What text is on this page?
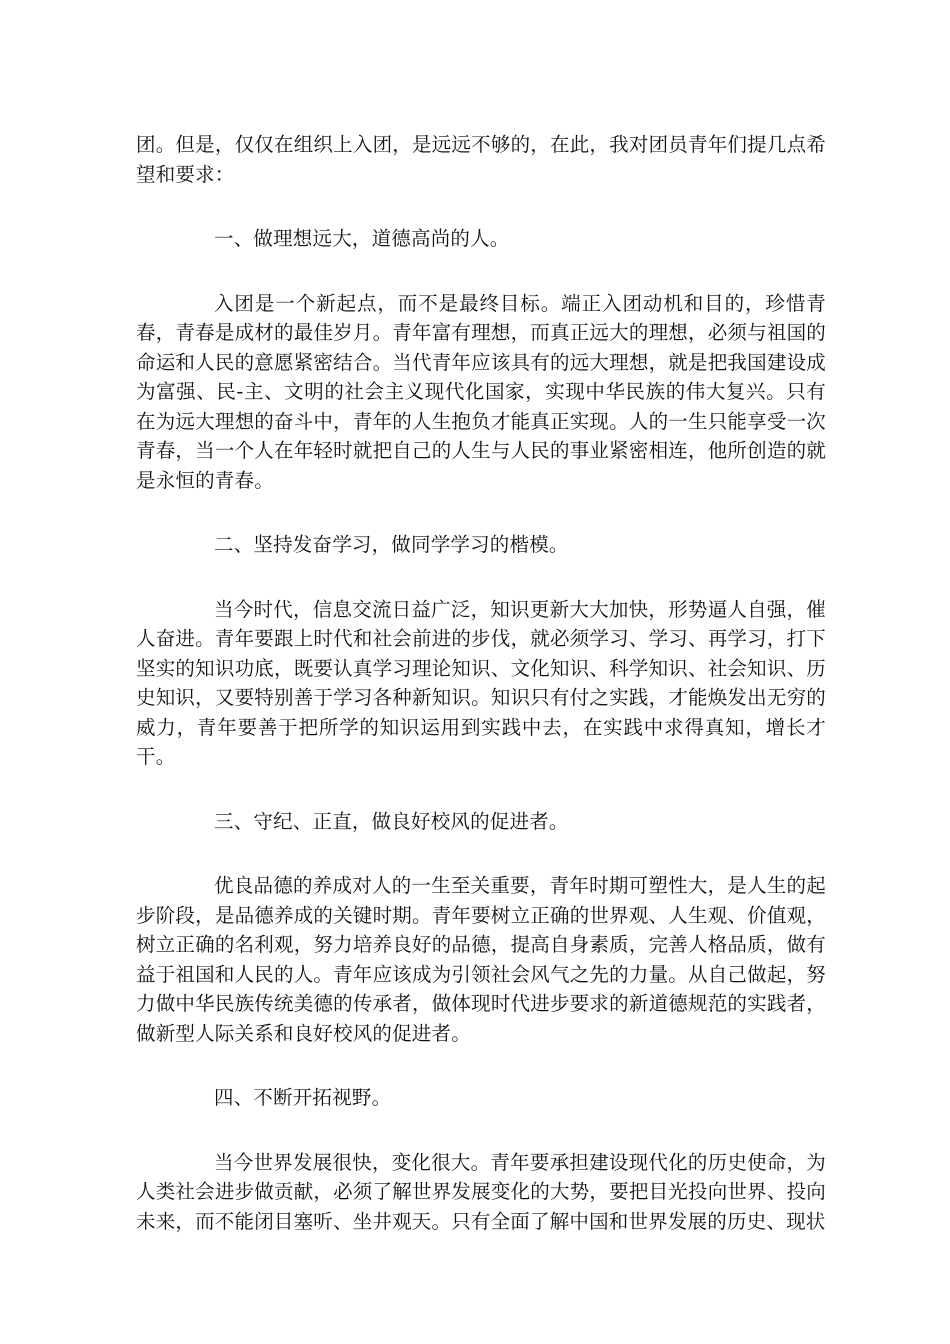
团。但是，仅仅在组织上入团，是远远不够的，在此，我对团员青年们提几点希望和要求：

一、做理想远大，道德高尚的人。

入团是一个新起点，而不是最终目标。端正入团动机和目的，珍惜青春，青春是成材的最佳岁月。青年富有理想，而真正远大的理想，必须与祖国的命运和人民的意愿紧密结合。当代青年应该具有的远大理想，就是把我国建设成为富强、民-主、文明的社会主义现代化国家，实现中华民族的伟大复兴。只有在为远大理想的奋斗中，青年的人生抱负才能真正实现。人的一生只能享受一次青春，当一个人在年轻时就把自己的人生与人民的事业紧密相连，他所创造的就是永恒的青春。

二、坚持发奋学习，做同学学习的楷模。

当今时代，信息交流日益广泛，知识更新大大加快，形势逼人自强，催人奋进。青年要跟上时代和社会前进的步伐，就必须学习、学习、再学习，打下坚实的知识功底，既要认真学习理论知识、文化知识、科学知识、社会知识、历史知识，又要特别善于学习各种新知识。知识只有付之实践，才能焕发出无穷的威力，青年要善于把所学的知识运用到实践中去，在实践中求得真知，增长才干。

三、守纪、正直，做良好校风的促进者。

优良品德的养成对人的一生至关重要，青年时期可塑性大，是人生的起步阶段，是品德养成的关键时期。青年要树立正确的世界观、人生观、价值观，树立正确的名利观，努力培养良好的品德，提高自身素质，完善人格品质，做有益于祖国和人民的人。青年应该成为引领社会风气之先的力量。从自己做起，努力做中华民族传统美德的传承者，做体现时代进步要求的新道德规范的实践者，做新型人际关系和良好校风的促进者。

四、不断开拓视野。

当今世界发展很快，变化很大。青年要承担建设现代化的历史使命，为人类社会进步做贡献，必须了解世界发展变化的大势，要把目光投向世界、投向未来，而不能闭目塞听、坐井观天。只有全面了解中国和世界发展的历史、现状
